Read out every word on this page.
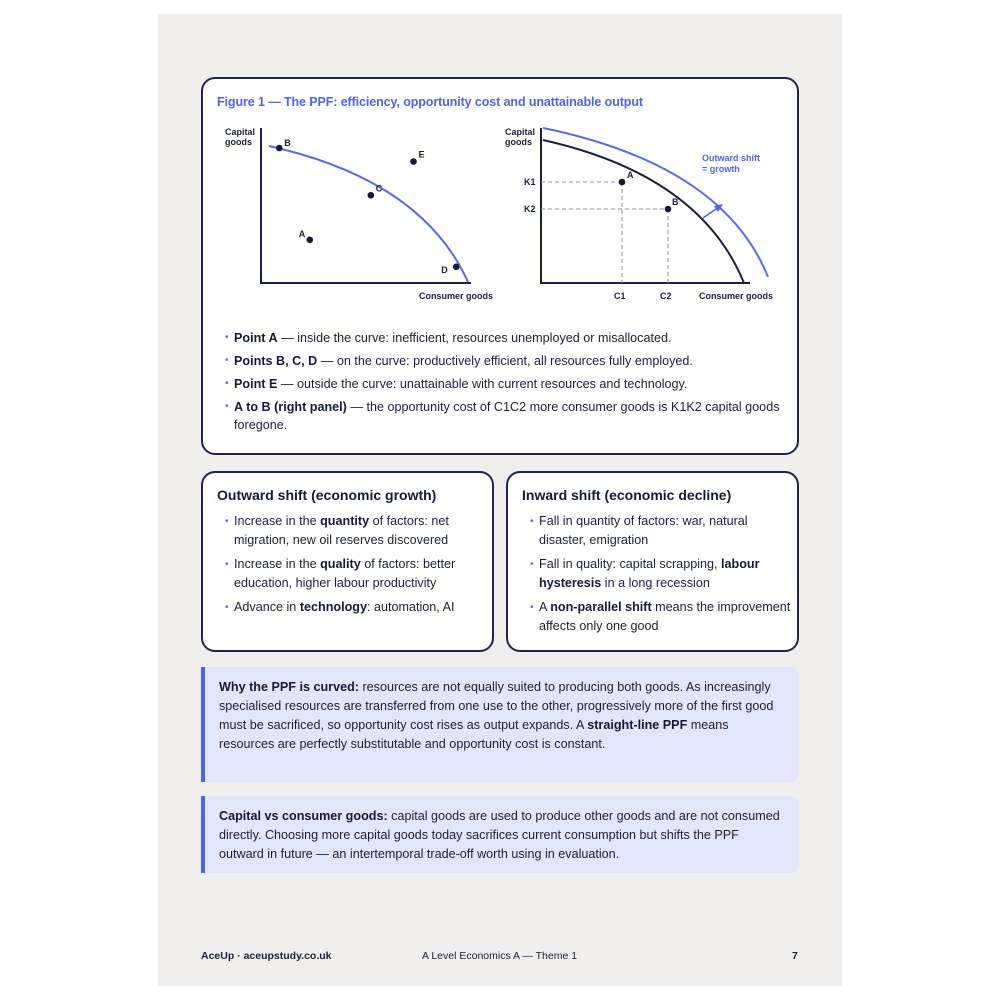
Figure 1 — The PPF: efficiency, opportunity cost and unattainable output
Capital
goods
Consumer goods
B
C
D
A
E
Capital
goods
Consumer goods
K1
K2
C1	C2
A
B
Outward shift
= growth
• Point A — inside the curve: inefficient, resources unemployed or misallocated.
• Points B, C, D — on the curve: productively efficient, all resources fully employed.
• Point E — outside the curve: unattainable with current resources and technology.
• A to B (right panel) — the opportunity cost of C1C2 more consumer goods is K1K2 capital goods foregone.
Outward shift (economic growth)
• Increase in the quantity of factors: net migration, new oil reserves discovered
• Increase in the quality of factors: better education, higher labour productivity
• Advance in technology: automation, AI
Inward shift (economic decline)
• Fall in quantity of factors: war, natural disaster, emigration
• Fall in quality: capital scrapping, labour hysteresis in a long recession
• A non-parallel shift means the improvement affects only one good
Why the PPF is curved: resources are not equally suited to producing both goods. As increasingly specialised resources are transferred from one use to the other, progressively more of the first good must be sacrificed, so opportunity cost rises as output expands. A straight-line PPF means resources are perfectly substitutable and opportunity cost is constant.
Capital vs consumer goods: capital goods are used to produce other goods and are not consumed directly. Choosing more capital goods today sacrifices current consumption but shifts the PPF outward in future — an intertemporal trade-off worth using in evaluation.
AceUp · aceupstudy.co.uk	A Level Economics A — Theme 1	7
